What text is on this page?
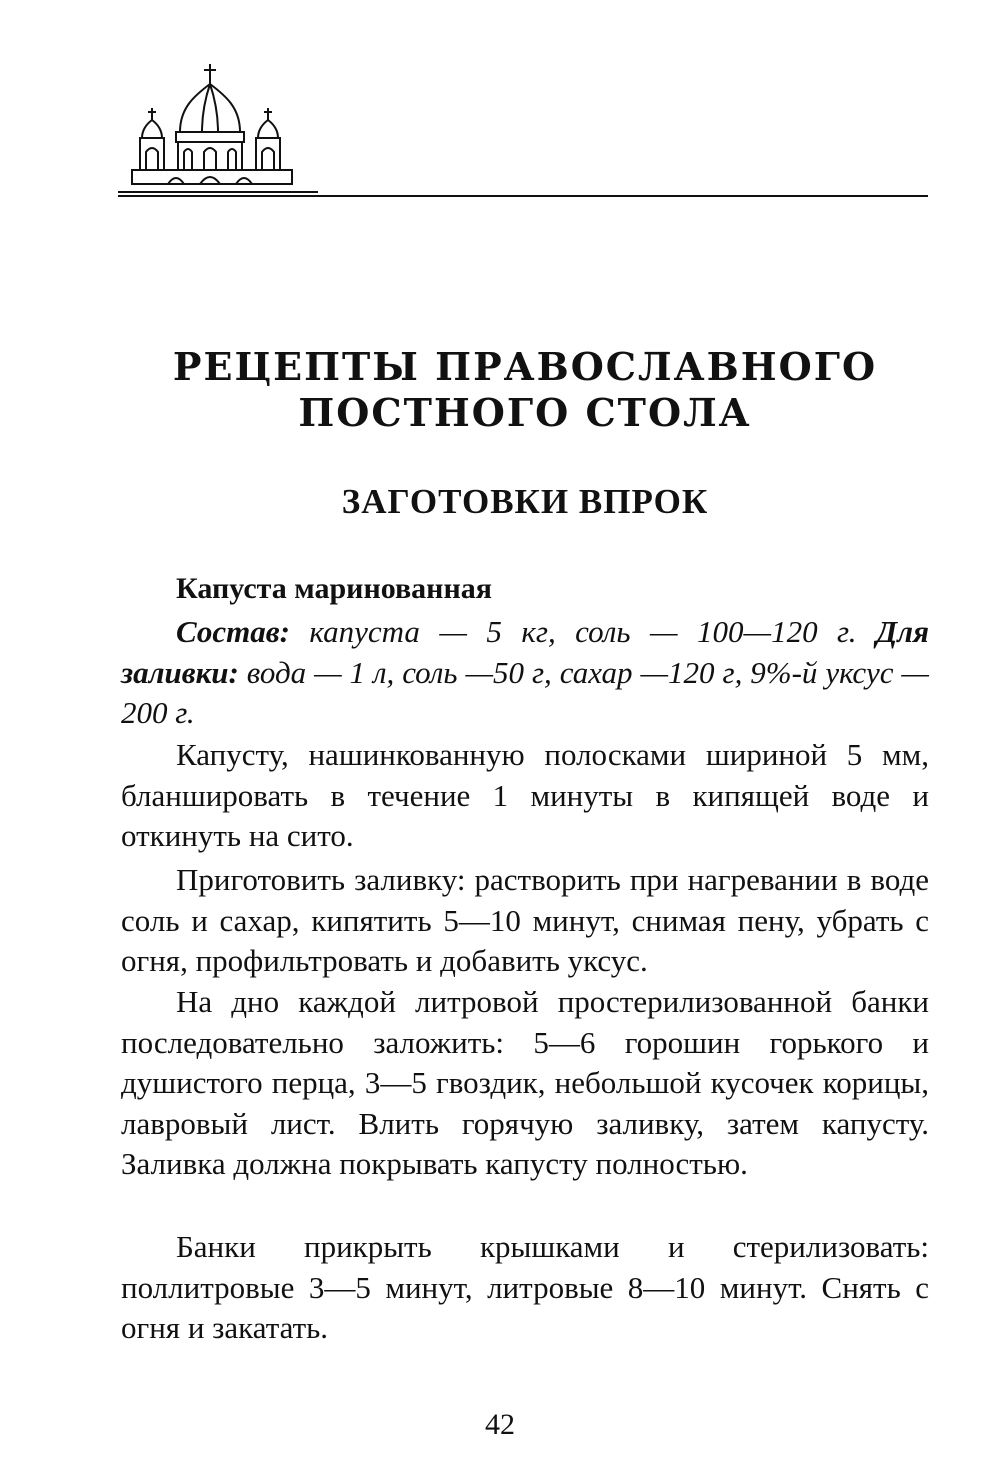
РЕЦЕПТЫ ПРАВОСЛАВНОГО
ПОСТНОГО СТОЛА
ЗАГОТОВКИ ВПРОК
Капуста маринованная

Состав: капуста — 5 кг, соль — 100—120 г. Для заливки: вода — 1 л, соль —50 г, сахар —120 г, 9%-й уксус — 200 г.

Капусту, нашинкованную полосками шириной 5 мм, бланшировать в течение 1 минуты в кипящей воде и откинуть на сито.

Приготовить заливку: растворить при нагревании в воде соль и сахар, кипятить 5—10 минут, снимая пену, убрать с огня, профильтровать и добавить уксус.

На дно каждой литровой простерилизованной банки последовательно заложить: 5—6 горошин горького и душистого перца, 3—5 гвоздик, небольшой кусочек корицы, лавровый лист. Влить горячую заливку, затем капусту. Заливка должна покрывать капусту полностью.

Банки прикрыть крышками и стерилизовать: поллитровые 3—5 минут, литровые 8—10 минут. Снять с огня и закатать.

42
